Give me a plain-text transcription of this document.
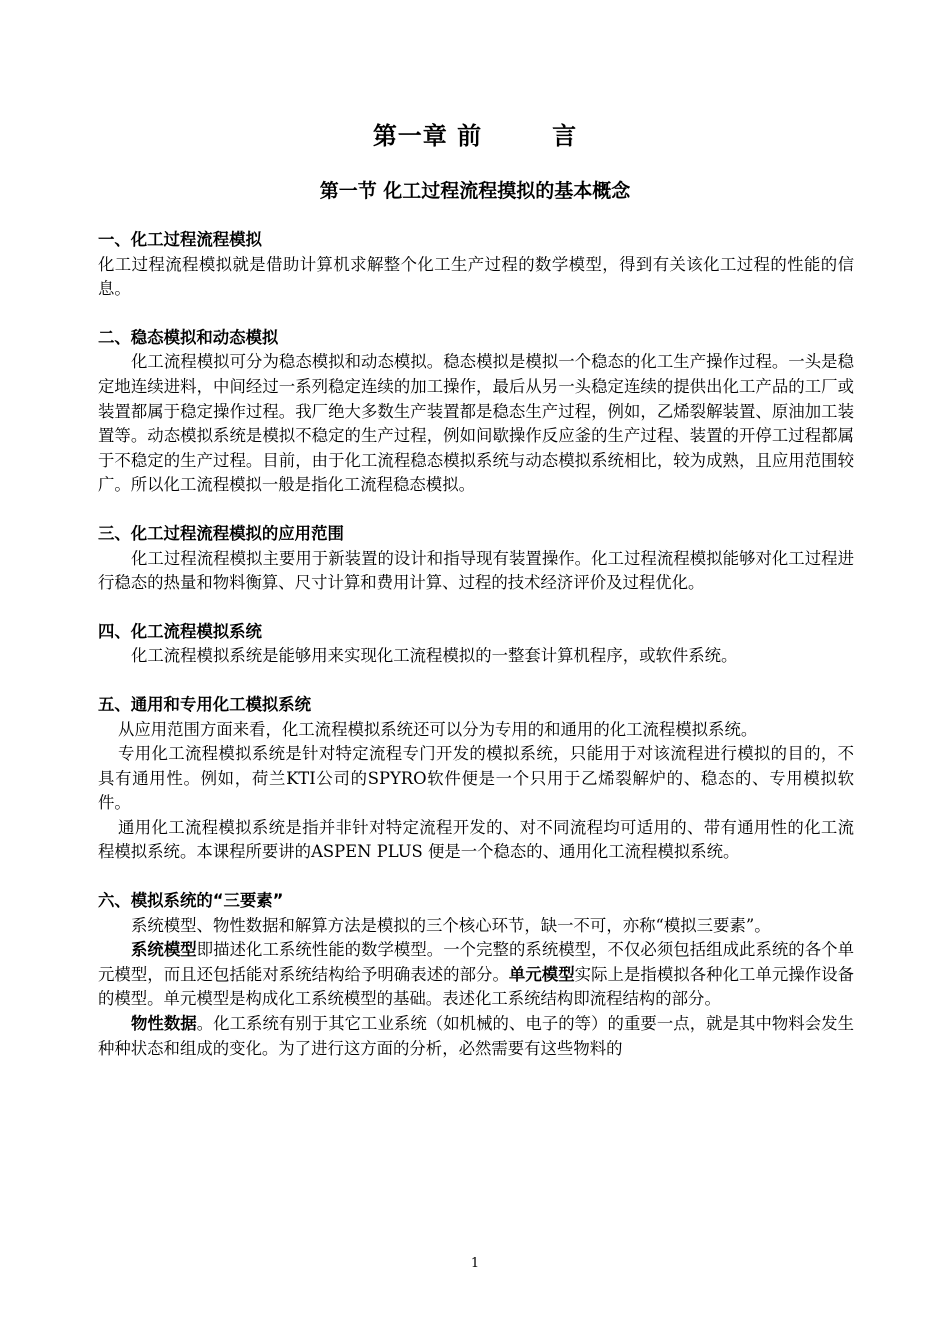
第一章 前	言
第一节 化工过程流程摸拟的基本概念
一、化工过程流程模拟

化工过程流程模拟就是借助计算机求解整个化工生产过程的数学模型，得到有关该化工过程的性能的信息。

二、稳态模拟和动态模拟

化工流程模拟可分为稳态模拟和动态模拟。稳态模拟是模拟一个稳态的化工生产操作过程。一头是稳定地连续进料，中间经过一系列稳定连续的加工操作，最后从另一头稳定连续的提供出化工产品的工厂或装置都属于稳定操作过程。我厂绝大多数生产装置都是稳态生产过程，例如，乙烯裂解装置、原油加工装置等。动态模拟系统是模拟不稳定的生产过程，例如间歇操作反应釜的生产过程、装置的开停工过程都属于不稳定的生产过程。目前，由于化工流程稳态模拟系统与动态模拟系统相比，较为成熟，且应用范围较广。所以化工流程模拟一般是指化工流程稳态模拟。

三、化工过程流程模拟的应用范围

化工过程流程模拟主要用于新装置的设计和指导现有装置操作。化工过程流程模拟能够对化工过程进行稳态的热量和物料衡算、尺寸计算和费用计算、过程的技术经济评价及过程优化。

四、化工流程模拟系统

化工流程模拟系统是能够用来实现化工流程模拟的一整套计算机程序，或软件系统。

五、通用和专用化工模拟系统

从应用范围方面来看，化工流程模拟系统还可以分为专用的和通用的化工流程模拟系统。

专用化工流程模拟系统是针对特定流程专门开发的模拟系统，只能用于对该流程进行模拟的目的，不具有通用性。例如，荷兰KTI公司的SPYRO软件便是一个只用于乙烯裂解炉的、稳态的、专用模拟软件。

通用化工流程模拟系统是指并非针对特定流程开发的、对不同流程均可适用的、带有通用性的化工流程模拟系统。本课程所要讲的ASPEN PLUS 便是一个稳态的、通用化工流程模拟系统。

六、模拟系统的“三要素”

系统模型、物性数据和解算方法是模拟的三个核心环节，缺一不可，亦称“模拟三要素”。

系统模型即描述化工系统性能的数学模型。一个完整的系统模型，不仅必须包括组成此系统的各个单元模型，而且还包括能对系统结构给予明确表述的部分。单元模型实际上是指模拟各种化工单元操作设备的模型。单元模型是构成化工系统模型的基础。表述化工系统结构即流程结构的部分。

物性数据。化工系统有别于其它工业系统（如机械的、电子的等）的重要一点，就是其中物料会发生种种状态和组成的变化。为了进行这方面的分析，必然需要有这些物料的

1
